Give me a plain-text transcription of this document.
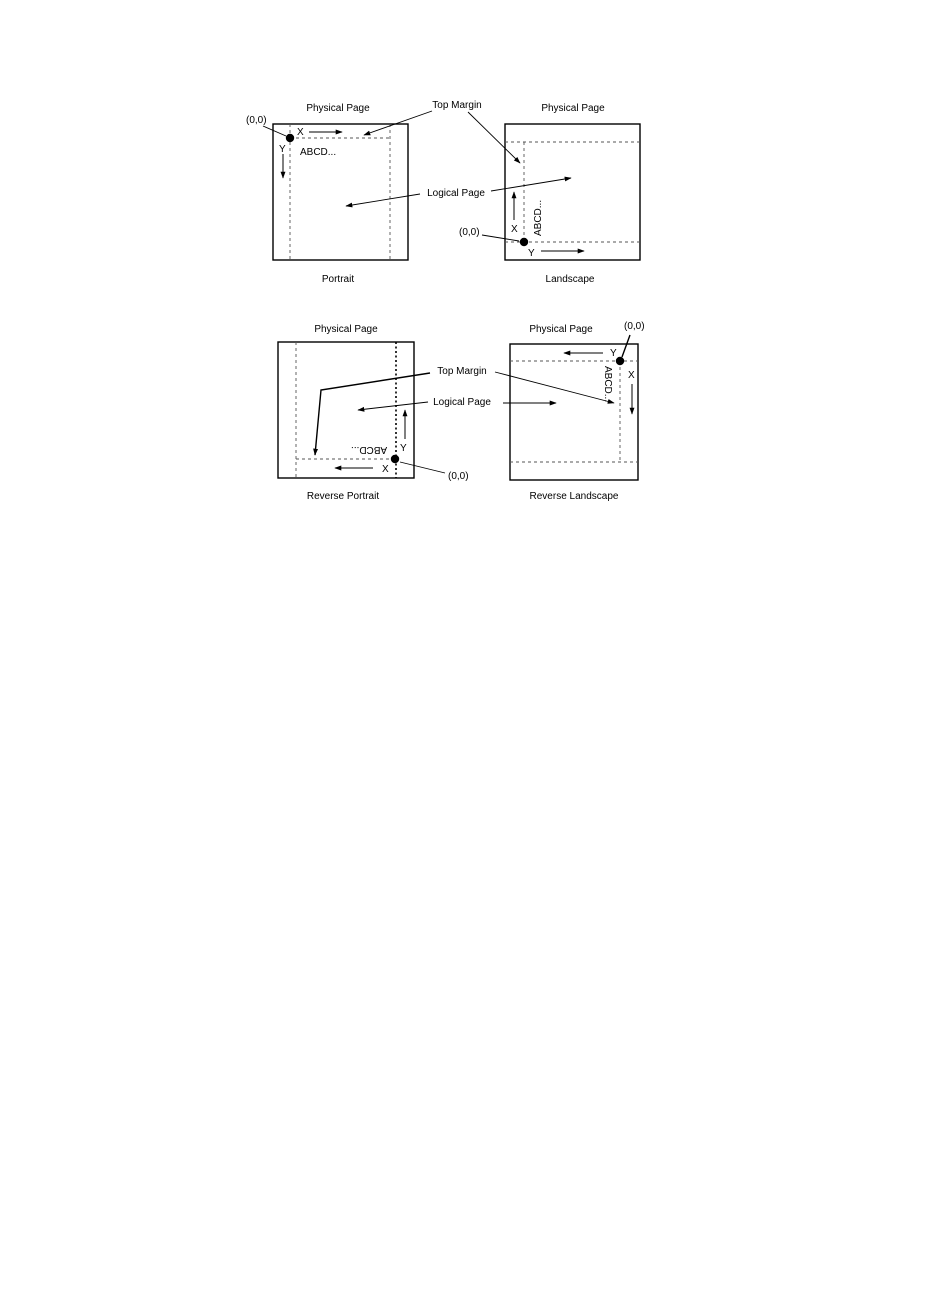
Physical Page
(0,0)
X
Y ABCD...
Portrait
Physical Page
(0,0)	X
Y
ABCD...
Landscape
Top Margin
Logical Page
Physical Page
(0,0)
Y
X
ABCD...
Reverse Portrait
Physical Page	(0,0)
Y
X
ABCD...
Reverse Landscape
Top Margin
Logical Page
